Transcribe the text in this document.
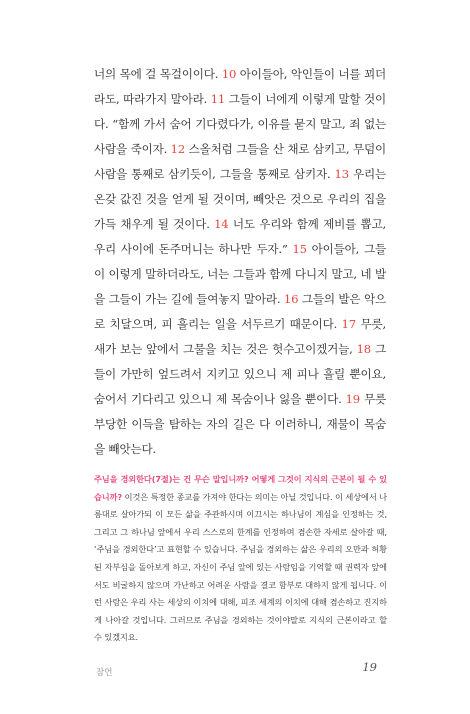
너의 목에 걸 목걸이이다. 10 아이들아, 악인들이 너를 꾀더라도, 따라가지 말아라. 11 그들이 너에게 이렇게 말할 것이다. “함께 가서 숨어 기다렸다가, 이유를 묻지 말고, 죄 없는 사람을 죽이자. 12 스올처럼 그들을 산 채로 삼키고, 무덤이 사람을 통째로 삼키듯이, 그들을 통째로 삼키자. 13 우리는 온갖 값진 것을 얻게 될 것이며, 빼앗은 것으로 우리의 집을 가득 채우게 될 것이다. 14 너도 우리와 함께 제비를 뽑고, 우리 사이에 돈주머니는 하나만 두자.” 15 아이들아, 그들이 이렇게 말하더라도, 너는 그들과 함께 다니지 말고, 네 발을 그들이 가는 길에 들여놓지 말아라. 16 그들의 발은 악으로 치달으며, 피 흘리는 일을 서두르기 때문이다. 17 무릇, 새가 보는 앞에서 그물을 치는 것은 헛수고이겠거늘, 18 그들이 가만히 엎드려서 지키고 있으니 제 피나 흘릴 뿐이요, 숨어서 기다리고 있으니 제 목숨이나 잃을 뿐이다. 19 무릇 부당한 이득을 탐하는 자의 길은 다 이러하니, 재물이 목숨을 빼앗는다.
주님을 경외한다(7절)는 건 무슨 말입니까? 어떻게 그것이 지식의 근본이 될 수 있습니까? 이것은 특정한 종교를 가져야 한다는 의미는 아닐 것입니다. 이 세상에서 나름대로 살아가되 이 모든 삶을 주관하시며 이끄시는 하나님이 계심을 인정하는 것, 그리고 그 하나님 앞에서 우리 스스로의 한계를 인정하며 겸손한 자세로 살아갈 때, ‘주님을 경외한다’고 표현할 수 있습니다. 주님을 경외하는 삶은 우리의 오만과 허황된 자부심을 돌아보게 하고, 자신이 주님 앞에 있는 사람임을 기억할 때 권력자 앞에서도 비굴하지 않으며 가난하고 어려운 사람을 결코 함부로 대하지 않게 됩니다. 이런 사람은 우리 사는 세상의 이치에 대해, 피조 세계의 이치에 대해 겸손하고 진지하게 나아갈 것입니다. 그러므로 주님을 경외하는 것이야말로 지식의 근본이라고 할 수 있겠지요.
잠언	19
